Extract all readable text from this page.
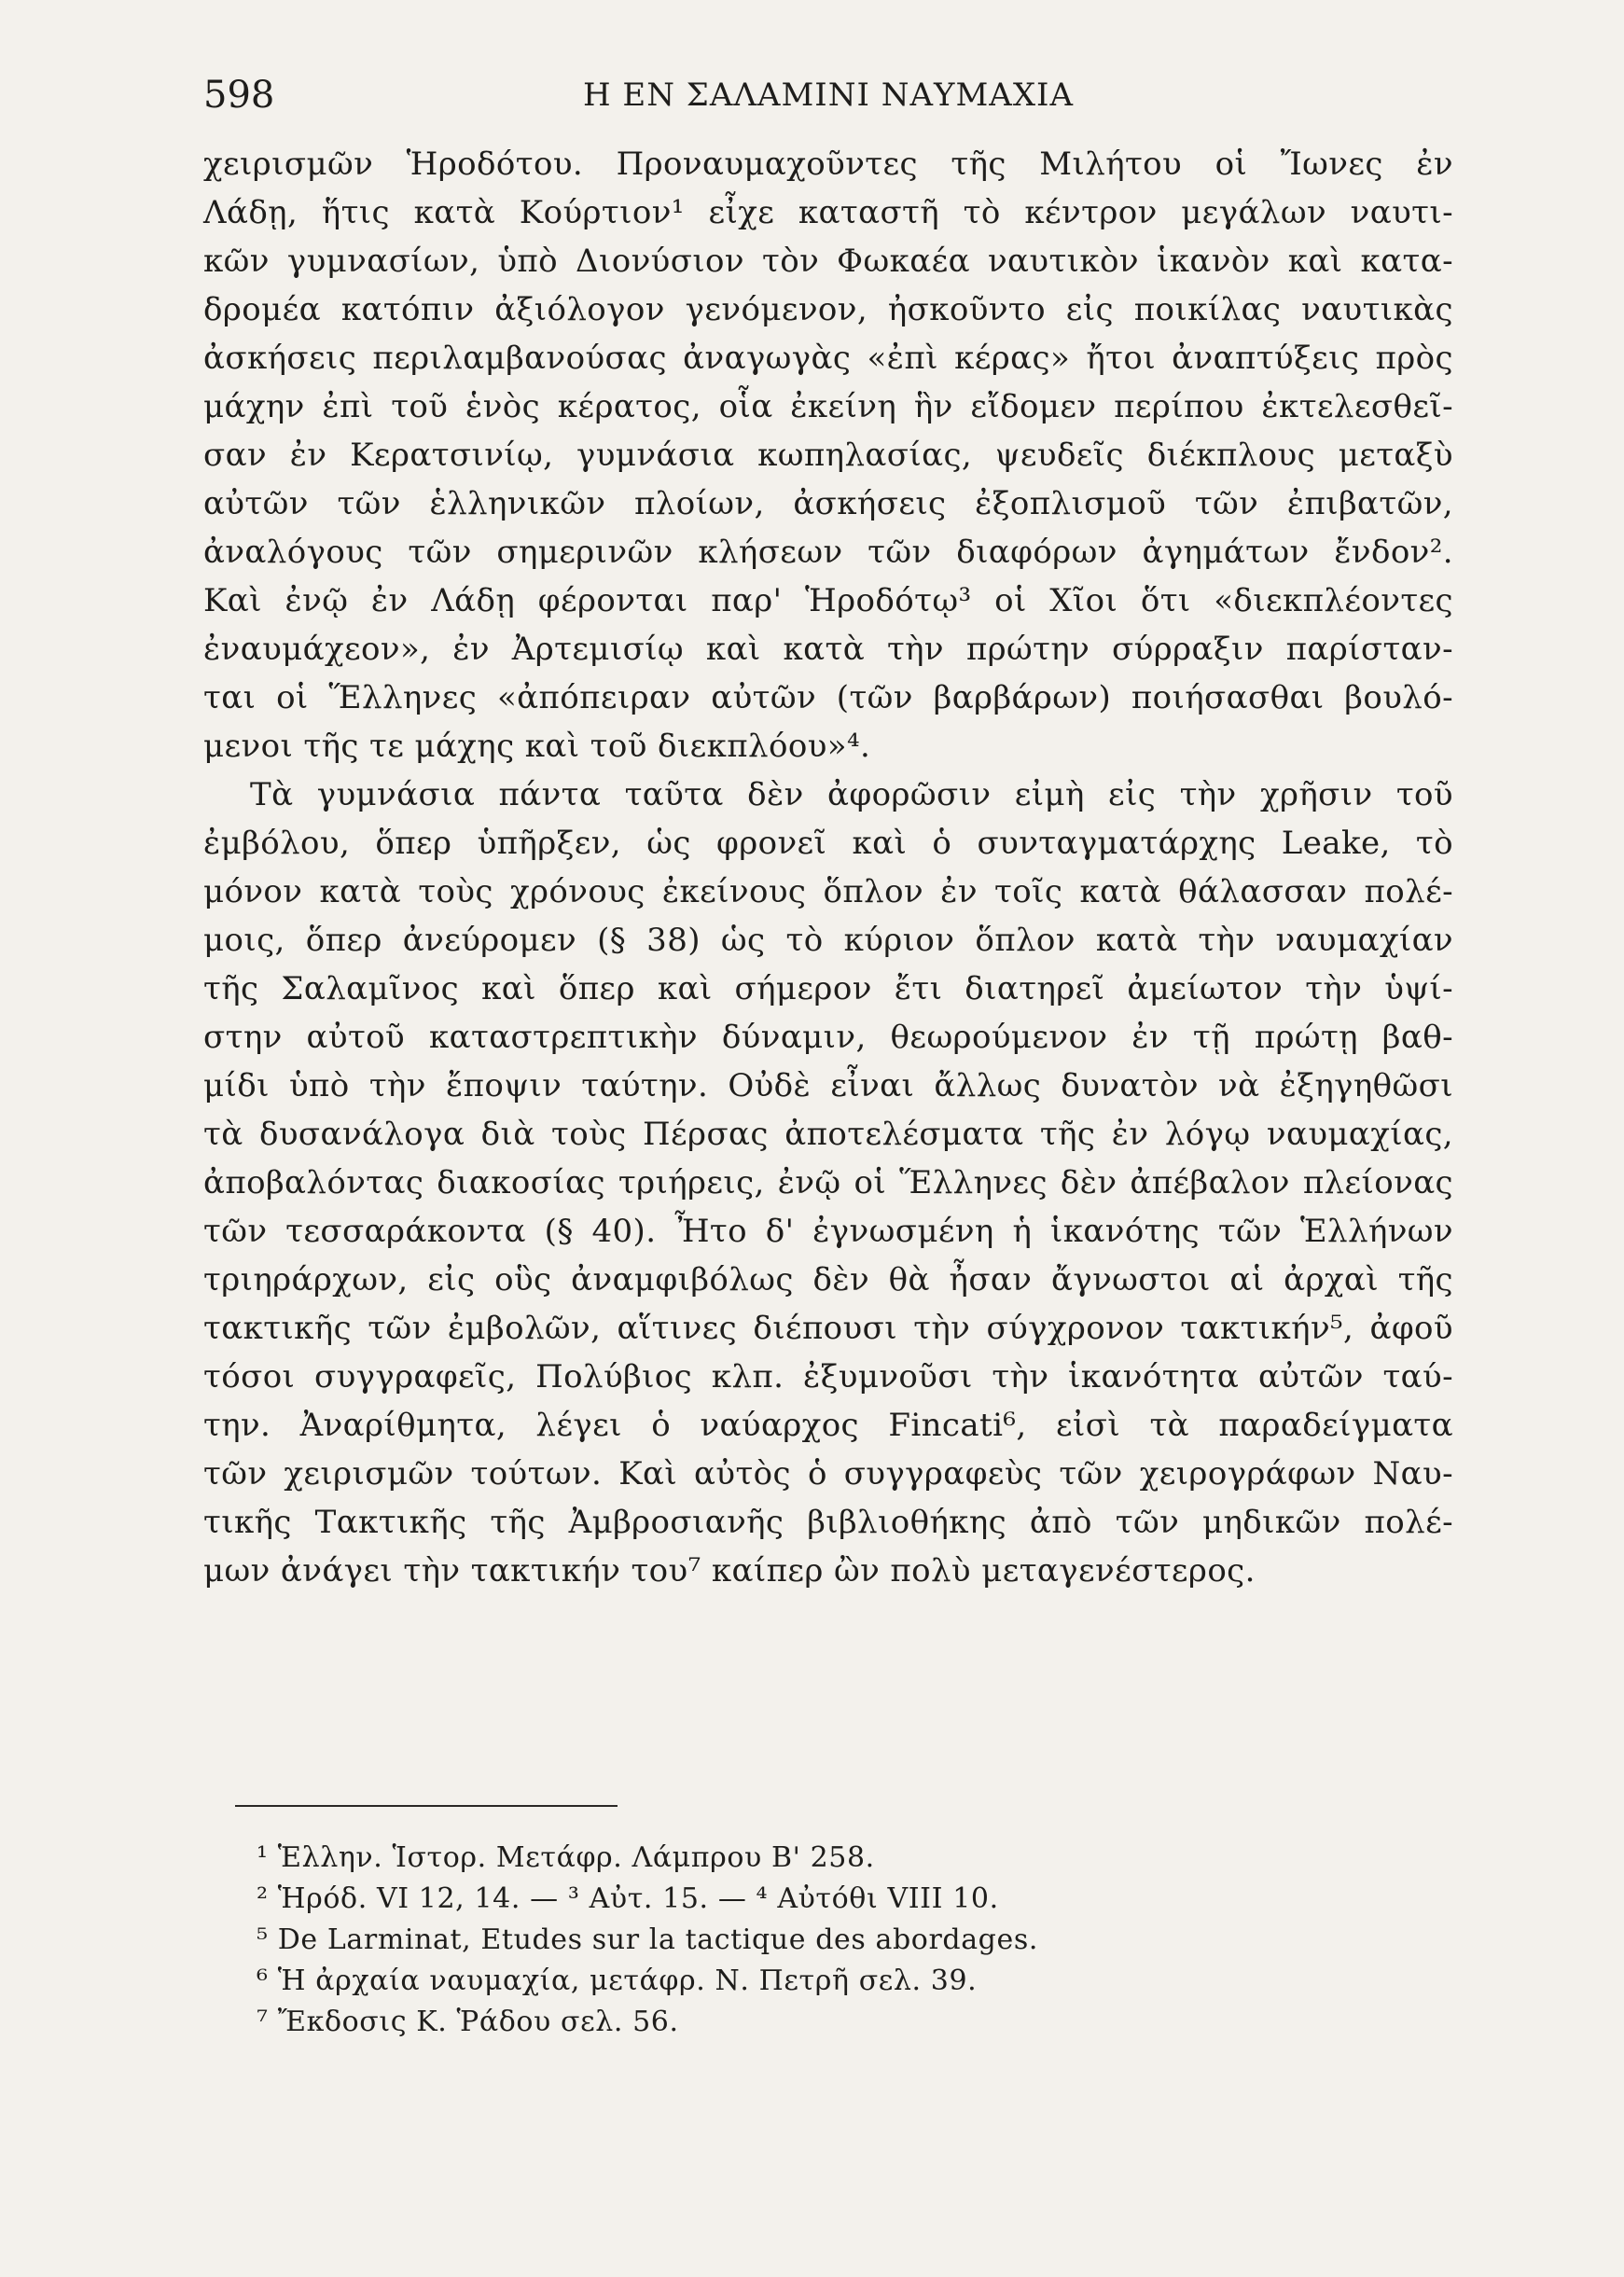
598	Η ΕΝ ΣΑΛΑΜΙΝΙ ΝΑΥΜΑΧΙΑ
χειρισμῶν Ἡροδότου. Προναυμαχοῦντες τῆς Μιλήτου οἱ Ἴωνες ἐν
Λάδῃ, ἥτις κατὰ Κούρτιον¹ εἶχε καταστῆ τὸ κέντρον μεγάλων ναυτι-
κῶν γυμνασίων, ὑπὸ Διονύσιον τὸν Φωκαέα ναυτικὸν ἱκανὸν καὶ κατα-
δρομέα κατόπιν ἀξιόλογον γενόμενον, ἠσκοῦντο εἰς ποικίλας ναυτικὰς
ἀσκήσεις περιλαμβανούσας ἀναγωγὰς «ἐπὶ κέρας» ἤτοι ἀναπτύξεις πρὸς
μάχην ἐπὶ τοῦ ἑνὸς κέρατος, οἷα ἐκείνη ἣν εἴδομεν περίπου ἐκτελεσθεῖ-
σαν ἐν Κερατσινίῳ, γυμνάσια κωπηλασίας, ψευδεῖς διέκπλους μεταξὺ
αὐτῶν τῶν ἑλληνικῶν πλοίων, ἀσκήσεις ἐξοπλισμοῦ τῶν ἐπιβατῶν,
ἀναλόγους τῶν σημερινῶν κλήσεων τῶν διαφόρων ἀγημάτων ἔνδον².
Καὶ ἐνῷ ἐν Λάδῃ φέρονται παρ' Ἡροδότῳ³ οἱ Χῖοι ὅτι «διεκπλέοντες
ἐναυμάχεον», ἐν Ἀρτεμισίῳ καὶ κατὰ τὴν πρώτην σύρραξιν παρίσταν-
ται οἱ Ἕλληνες «ἀπόπειραν αὐτῶν (τῶν βαρβάρων) ποιήσασθαι βουλό-
μενοι τῆς τε μάχης καὶ τοῦ διεκπλόου»⁴.
Τὰ γυμνάσια πάντα ταῦτα δὲν ἀφορῶσιν εἰμὴ εἰς τὴν χρῆσιν τοῦ
ἐμβόλου, ὅπερ ὑπῆρξεν, ὡς φρονεῖ καὶ ὁ συνταγματάρχης Leake, τὸ
μόνον κατὰ τοὺς χρόνους ἐκείνους ὅπλον ἐν τοῖς κατὰ θάλασσαν πολέ-
μοις, ὅπερ ἀνεύρομεν (§ 38) ὡς τὸ κύριον ὅπλον κατὰ τὴν ναυμαχίαν
τῆς Σαλαμῖνος καὶ ὅπερ καὶ σήμερον ἔτι διατηρεῖ ἀμείωτον τὴν ὑψί-
στην αὐτοῦ καταστρεπτικὴν δύναμιν, θεωρούμενον ἐν τῇ πρώτῃ βαθ-
μίδι ὑπὸ τὴν ἔποψιν ταύτην. Οὐδὲ εἶναι ἄλλως δυνατὸν νὰ ἐξηγηθῶσι
τὰ δυσανάλογα διὰ τοὺς Πέρσας ἀποτελέσματα τῆς ἐν λόγῳ ναυμαχίας,
ἀποβαλόντας διακοσίας τριήρεις, ἐνῷ οἱ Ἕλληνες δὲν ἀπέβαλον πλείονας
τῶν τεσσαράκοντα (§ 40). Ἦτο δ' ἐγνωσμένη ἡ ἱκανότης τῶν Ἑλλήνων
τριηράρχων, εἰς οὓς ἀναμφιβόλως δὲν θὰ ἦσαν ἄγνωστοι αἱ ἀρχαὶ τῆς
τακτικῆς τῶν ἐμβολῶν, αἵτινες διέπουσι τὴν σύγχρονον τακτικήν⁵, ἀφοῦ
τόσοι συγγραφεῖς, Πολύβιος κλπ. ἐξυμνοῦσι τὴν ἱκανότητα αὐτῶν ταύ-
την. Ἀναρίθμητα, λέγει ὁ ναύαρχος Fincati⁶, εἰσὶ τὰ παραδείγματα
τῶν χειρισμῶν τούτων. Καὶ αὐτὸς ὁ συγγραφεὺς τῶν χειρογράφων Ναυ-
τικῆς Τακτικῆς τῆς Ἀμβροσιανῆς βιβλιοθήκης ἀπὸ τῶν μηδικῶν πολέ-
μων ἀνάγει τὴν τακτικήν του⁷ καίπερ ὢν πολὺ μεταγενέστερος.
¹ Ἑλλην. Ἱστορ. Μετάφρ. Λάμπρου Β' 258.
² Ἡρόδ. VI 12, 14. — ³ Αὐτ. 15. — ⁴ Αὐτόθι VIII 10.
⁵ De Larminat, Etudes sur la tactique des abordages.
⁶ Ἡ ἀρχαία ναυμαχία, μετάφρ. Ν. Πετρῆ σελ. 39.
⁷ Ἔκδοσις Κ. Ῥάδου σελ. 56.
